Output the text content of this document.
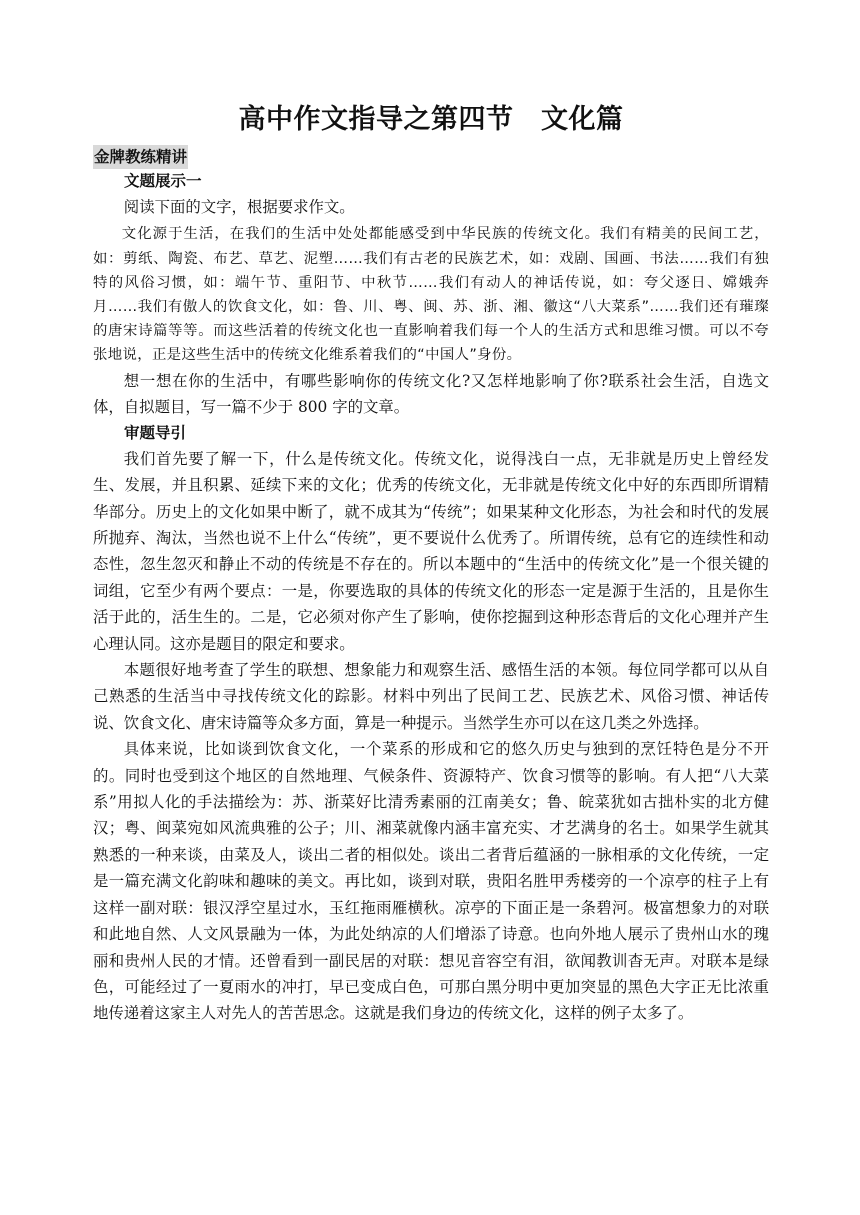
高中作文指导之第四节　文化篇
金牌教练精讲

文题展示一

阅读下面的文字，根据要求作文。

文化源于生活，在我们的生活中处处都能感受到中华民族的传统文化。我们有精美的民间工艺，如：剪纸、陶瓷、布艺、草艺、泥塑……我们有古老的民族艺术，如：戏剧、国画、书法……我们有独特的风俗习惯，如：端午节、重阳节、中秋节……我们有动人的神话传说，如：夸父逐日、嫦娥奔月……我们有傲人的饮食文化，如：鲁、川、粤、闽、苏、浙、湘、徽这“八大菜系”……我们还有璀璨的唐宋诗篇等等。而这些活着的传统文化也一直影响着我们每一个人的生活方式和思维习惯。可以不夸张地说，正是这些生活中的传统文化维系着我们的“中国人”身份。

想一想在你的生活中，有哪些影响你的传统文化?又怎样地影响了你?联系社会生活，自选文体，自拟题目，写一篇不少于 800 字的文章。

审题导引

我们首先要了解一下，什么是传统文化。传统文化，说得浅白一点，无非就是历史上曾经发生、发展，并且积累、延续下来的文化；优秀的传统文化，无非就是传统文化中好的东西即所谓精华部分。历史上的文化如果中断了，就不成其为“传统”；如果某种文化形态，为社会和时代的发展所抛弃、淘汰，当然也说不上什么“传统”，更不要说什么优秀了。所谓传统，总有它的连续性和动态性，忽生忽灭和静止不动的传统是不存在的。所以本题中的“生活中的传统文化”是一个很关键的词组，它至少有两个要点：一是，你要选取的具体的传统文化的形态一定是源于生活的，且是你生活于此的，活生生的。二是，它必须对你产生了影响，使你挖掘到这种形态背后的文化心理并产生心理认同。这亦是题目的限定和要求。

本题很好地考查了学生的联想、想象能力和观察生活、感悟生活的本领。每位同学都可以从自己熟悉的生活当中寻找传统文化的踪影。材料中列出了民间工艺、民族艺术、风俗习惯、神话传说、饮食文化、唐宋诗篇等众多方面，算是一种提示。当然学生亦可以在这几类之外选择。

具体来说，比如谈到饮食文化，一个菜系的形成和它的悠久历史与独到的烹饪特色是分不开的。同时也受到这个地区的自然地理、气候条件、资源特产、饮食习惯等的影响。有人把“八大菜系”用拟人化的手法描绘为：苏、浙菜好比清秀素丽的江南美女；鲁、皖菜犹如古拙朴实的北方健汉；粤、闽菜宛如风流典雅的公子；川、湘菜就像内涵丰富充实、才艺满身的名士。如果学生就其熟悉的一种来谈，由菜及人，谈出二者的相似处。谈出二者背后蕴涵的一脉相承的文化传统，一定是一篇充满文化韵味和趣味的美文。再比如，谈到对联，贵阳名胜甲秀楼旁的一个凉亭的柱子上有这样一副对联：银汉浮空星过水，玉红拖雨雁横秋。凉亭的下面正是一条碧河。极富想象力的对联和此地自然、人文风景融为一体，为此处纳凉的人们增添了诗意。也向外地人展示了贵州山水的瑰丽和贵州人民的才情。还曾看到一副民居的对联：想见音容空有泪，欲闻教训杳无声。对联本是绿色，可能经过了一夏雨水的冲打，早已变成白色，可那白黑分明中更加突显的黑色大字正无比浓重地传递着这家主人对先人的苦苦思念。这就是我们身边的传统文化，这样的例子太多了。
